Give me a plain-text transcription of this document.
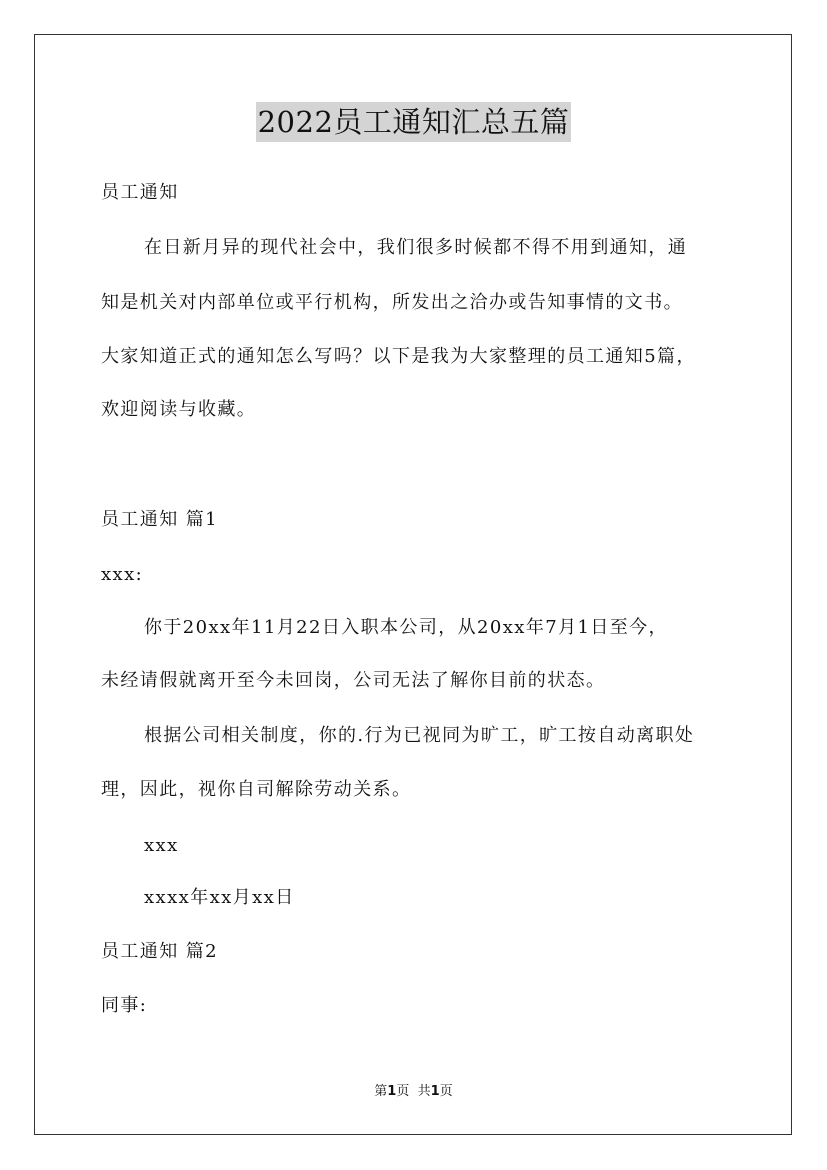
2022员工通知汇总五篇
员工通知
在日新月异的现代社会中，我们很多时候都不得不用到通知，通
知是机关对内部单位或平行机构，所发出之洽办或告知事情的文书。
大家知道正式的通知怎么写吗？以下是我为大家整理的员工通知5篇，
欢迎阅读与收藏。
员工通知 篇1
xxx:
你于20xx年11月22日入职本公司，从20xx年7月1日至今，
未经请假就离开至今未回岗，公司无法了解你目前的状态。
根据公司相关制度，你的.行为已视同为旷工，旷工按自动离职处
理，因此，视你自司解除劳动关系。
xxx
xxxx年xx月xx日
员工通知 篇2
同事:
第1页 共1页
